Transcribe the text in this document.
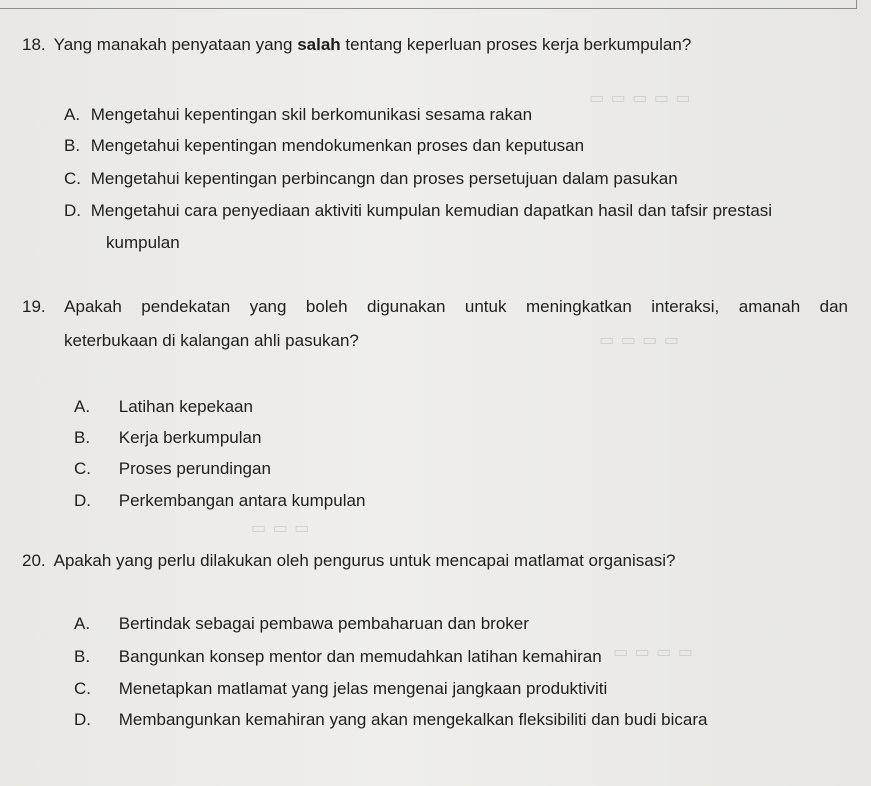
▭ ▭ ▭ ▭ ▭
▭ ▭ ▭ ▭
▭ ▭ ▭
▭ ▭ ▭ ▭
18. Yang manakah penyataan yang salah tentang keperluan proses kerja berkumpulan?
A. Mengetahui kepentingan skil berkomunikasi sesama rakan
B. Mengetahui kepentingan mendokumenkan proses dan keputusan
C. Mengetahui kepentingan perbincangn dan proses persetujuan dalam pasukan
D. Mengetahui cara penyediaan aktiviti kumpulan kemudian dapatkan hasil dan tafsir prestasi
kumpulan
19. Apakah pendekatan yang boleh digunakan untuk meningkatkan interaksi, amanah dan
keterbukaan di kalangan ahli pasukan?
A. Latihan kepekaan
B. Kerja berkumpulan
C. Proses perundingan
D. Perkembangan antara kumpulan
20. Apakah yang perlu dilakukan oleh pengurus untuk mencapai matlamat organisasi?
A. Bertindak sebagai pembawa pembaharuan dan broker
B. Bangunkan konsep mentor dan memudahkan latihan kemahiran
C. Menetapkan matlamat yang jelas mengenai jangkaan produktiviti
D. Membangunkan kemahiran yang akan mengekalkan fleksibiliti dan budi bicara
